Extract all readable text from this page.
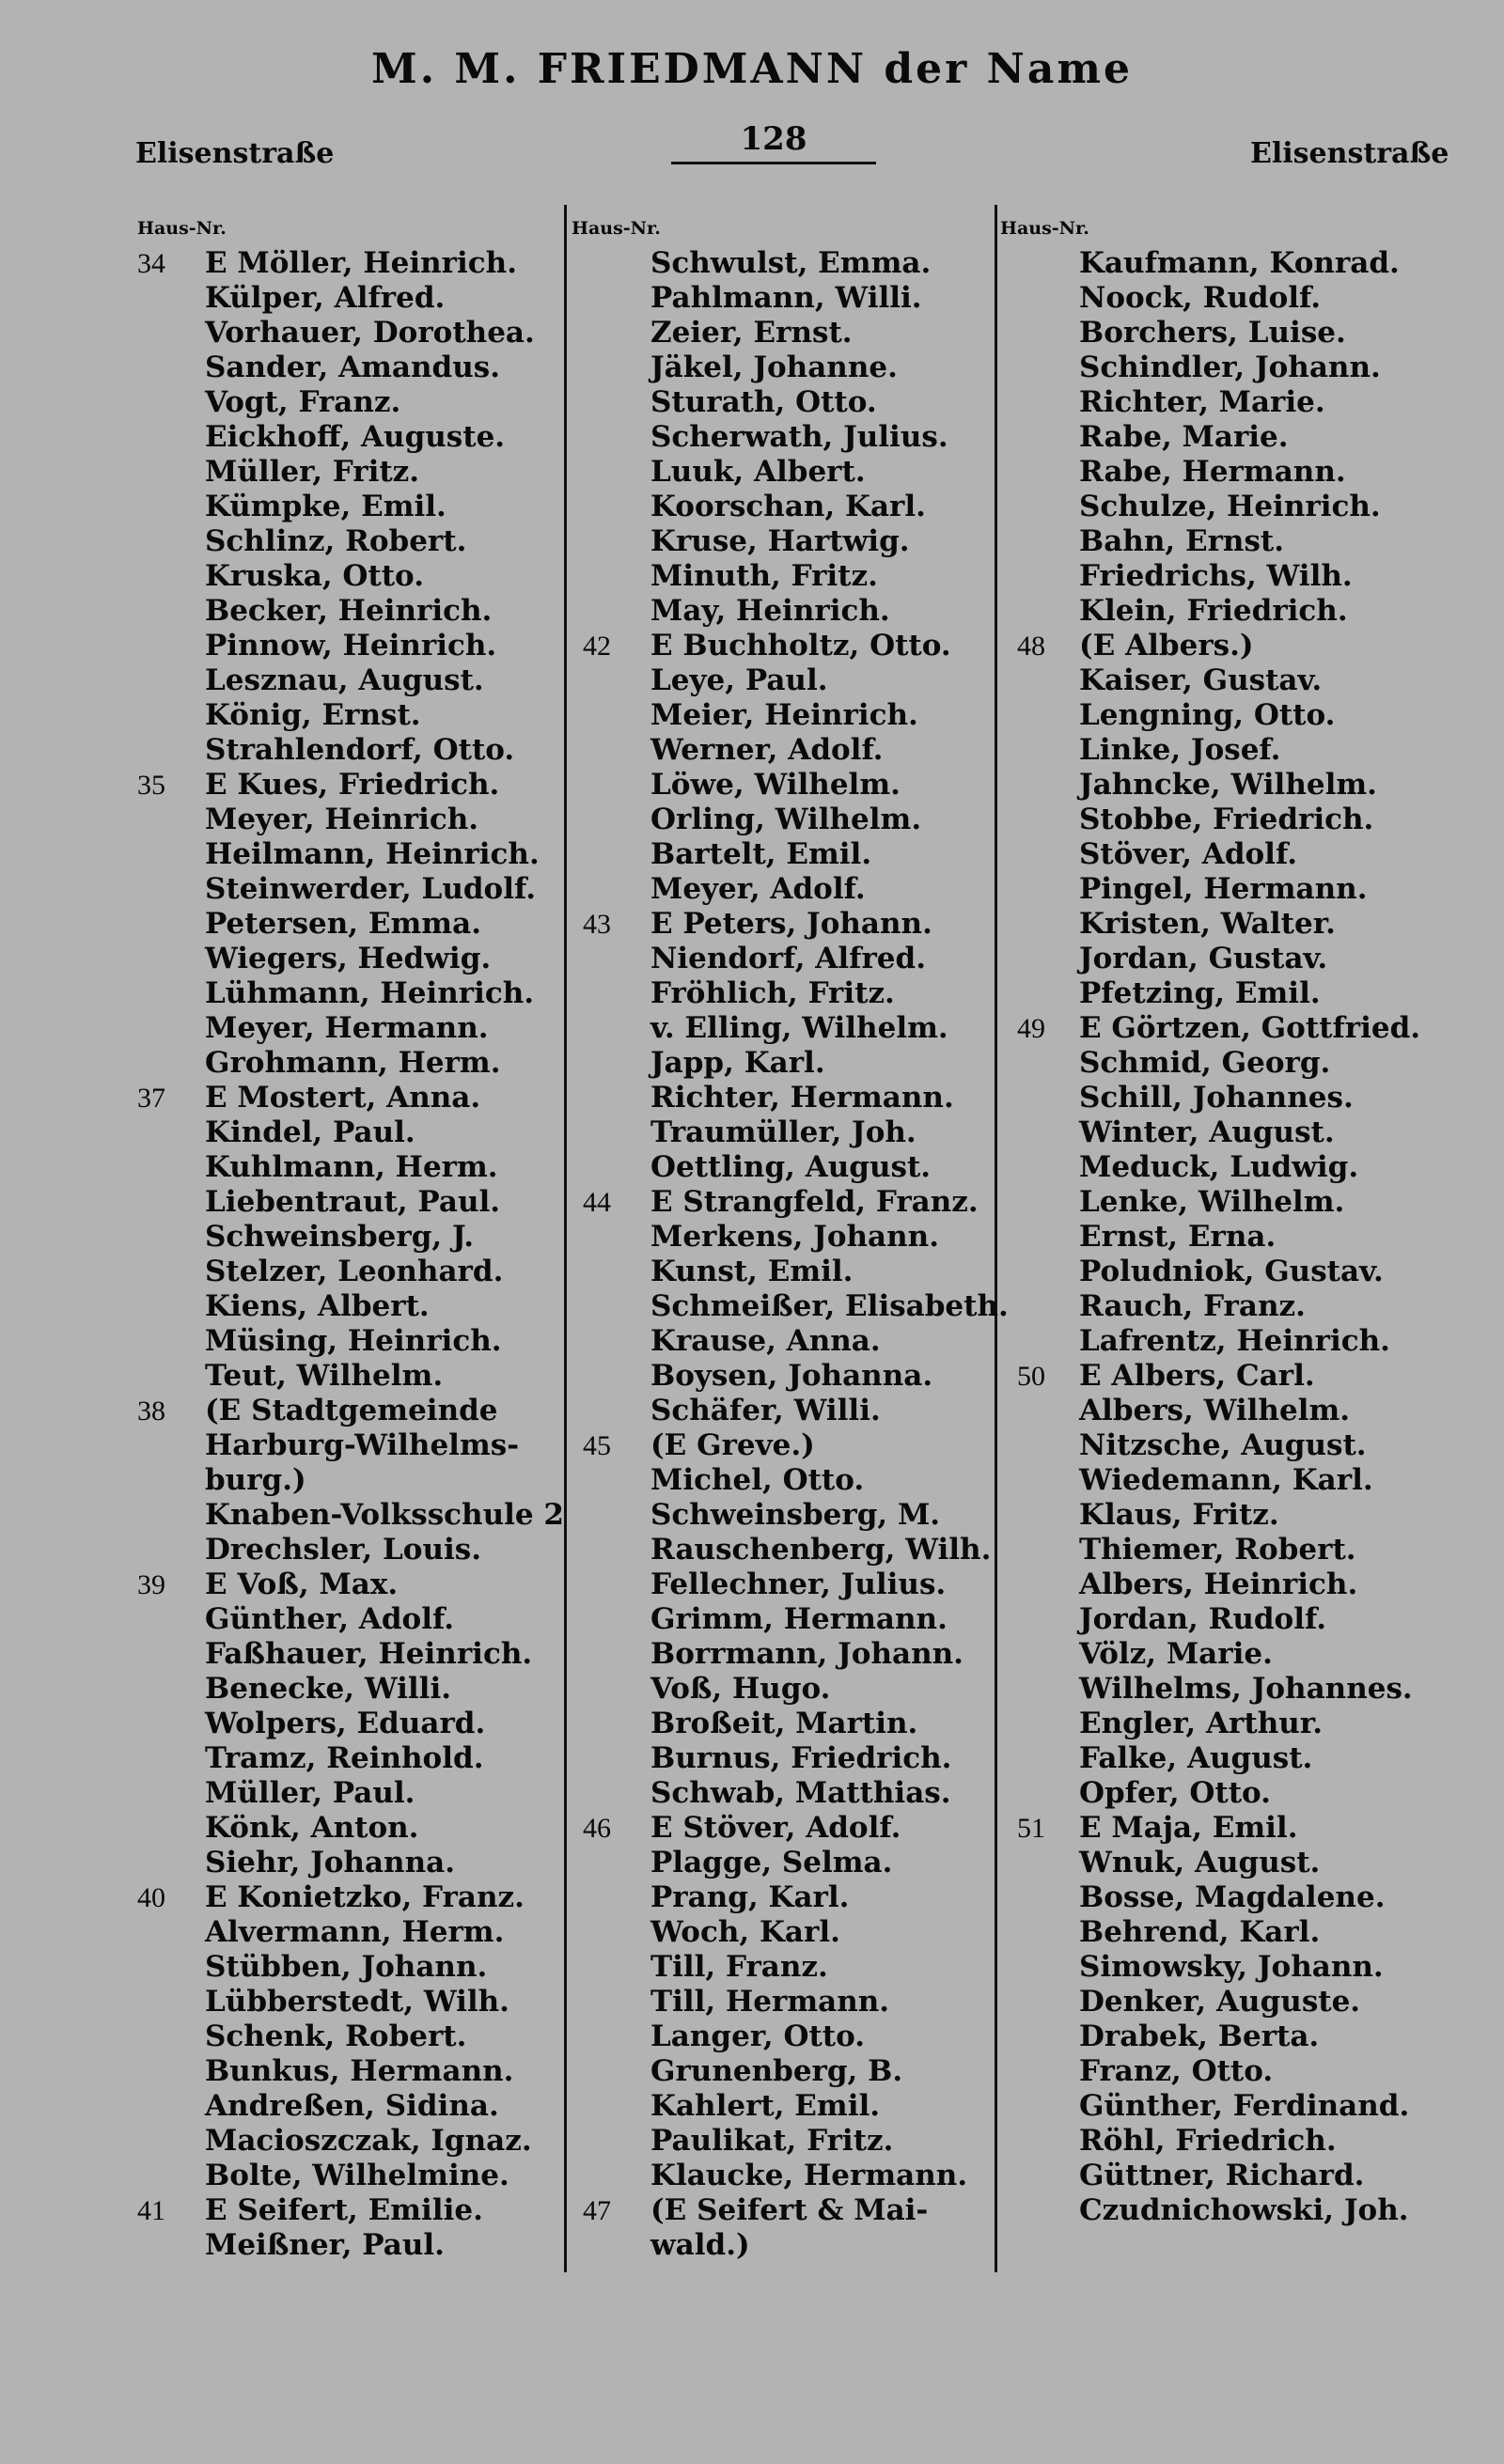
M. M. FRIEDMANN der Name
128
Elisenstraße	Elisenstraße
Haus-Nr.	Haus-Nr.	Haus-Nr.
34	E Möller, Heinrich.
Külper, Alfred.
Vorhauer, Dorothea.
Sander, Amandus.
Vogt, Franz.
Eickhoff, Auguste.
Müller, Fritz.
Kümpke, Emil.
Schlinz, Robert.
Kruska, Otto.
Becker, Heinrich.
Pinnow, Heinrich.
Lesznau, August.
König, Ernst.
Strahlendorf, Otto.
35	E Kues, Friedrich.
Meyer, Heinrich.
Heilmann, Heinrich.
Steinwerder, Ludolf.
Petersen, Emma.
Wiegers, Hedwig.
Lühmann, Heinrich.
Meyer, Hermann.
Grohmann, Herm.
37	E Mostert, Anna.
Kindel, Paul.
Kuhlmann, Herm.
Liebentraut, Paul.
Schweinsberg, J.
Stelzer, Leonhard.
Kiens, Albert.
Müsing, Heinrich.
Teut, Wilhelm.
38	(E Stadtgemeinde
Harburg-Wilhelms-
burg.)
Knaben-Volksschule 2
Drechsler, Louis.
39	E Voß, Max.
Günther, Adolf.
Faßhauer, Heinrich.
Benecke, Willi.
Wolpers, Eduard.
Tramz, Reinhold.
Müller, Paul.
Könk, Anton.
Siehr, Johanna.
40	E Konietzko, Franz.
Alvermann, Herm.
Stübben, Johann.
Lübberstedt, Wilh.
Schenk, Robert.
Bunkus, Hermann.
Andreßen, Sidina.
Macioszczak, Ignaz.
Bolte, Wilhelmine.
41	E Seifert, Emilie.
Meißner, Paul.
Schwulst, Emma.
Pahlmann, Willi.
Zeier, Ernst.
Jäkel, Johanne.
Sturath, Otto.
Scherwath, Julius.
Luuk, Albert.
Koorschan, Karl.
Kruse, Hartwig.
Minuth, Fritz.
May, Heinrich.
42	E Buchholtz, Otto.
Leye, Paul.
Meier, Heinrich.
Werner, Adolf.
Löwe, Wilhelm.
Orling, Wilhelm.
Bartelt, Emil.
Meyer, Adolf.
43	E Peters, Johann.
Niendorf, Alfred.
Fröhlich, Fritz.
v. Elling, Wilhelm.
Japp, Karl.
Richter, Hermann.
Traumüller, Joh.
Oettling, August.
44	E Strangfeld, Franz.
Merkens, Johann.
Kunst, Emil.
Schmeißer, Elisabeth.
Krause, Anna.
Boysen, Johanna.
Schäfer, Willi.
45	(E Greve.)
Michel, Otto.
Schweinsberg, M.
Rauschenberg, Wilh.
Fellechner, Julius.
Grimm, Hermann.
Borrmann, Johann.
Voß, Hugo.
Broßeit, Martin.
Burnus, Friedrich.
Schwab, Matthias.
46	E Stöver, Adolf.
Plagge, Selma.
Prang, Karl.
Woch, Karl.
Till, Franz.
Till, Hermann.
Langer, Otto.
Grunenberg, B.
Kahlert, Emil.
Paulikat, Fritz.
Klaucke, Hermann.
47	(E Seifert & Mai-
wald.)
Kaufmann, Konrad.
Noock, Rudolf.
Borchers, Luise.
Schindler, Johann.
Richter, Marie.
Rabe, Marie.
Rabe, Hermann.
Schulze, Heinrich.
Bahn, Ernst.
Friedrichs, Wilh.
Klein, Friedrich.
48	(E Albers.)
Kaiser, Gustav.
Lengning, Otto.
Linke, Josef.
Jahncke, Wilhelm.
Stobbe, Friedrich.
Stöver, Adolf.
Pingel, Hermann.
Kristen, Walter.
Jordan, Gustav.
Pfetzing, Emil.
49	E Görtzen, Gottfried.
Schmid, Georg.
Schill, Johannes.
Winter, August.
Meduck, Ludwig.
Lenke, Wilhelm.
Ernst, Erna.
Poludniok, Gustav.
Rauch, Franz.
Lafrentz, Heinrich.
50	E Albers, Carl.
Albers, Wilhelm.
Nitzsche, August.
Wiedemann, Karl.
Klaus, Fritz.
Thiemer, Robert.
Albers, Heinrich.
Jordan, Rudolf.
Völz, Marie.
Wilhelms, Johannes.
Engler, Arthur.
Falke, August.
Opfer, Otto.
51	E Maja, Emil.
Wnuk, August.
Bosse, Magdalene.
Behrend, Karl.
Simowsky, Johann.
Denker, Auguste.
Drabek, Berta.
Franz, Otto.
Günther, Ferdinand.
Röhl, Friedrich.
Güttner, Richard.
Czudnichowski, Joh.
